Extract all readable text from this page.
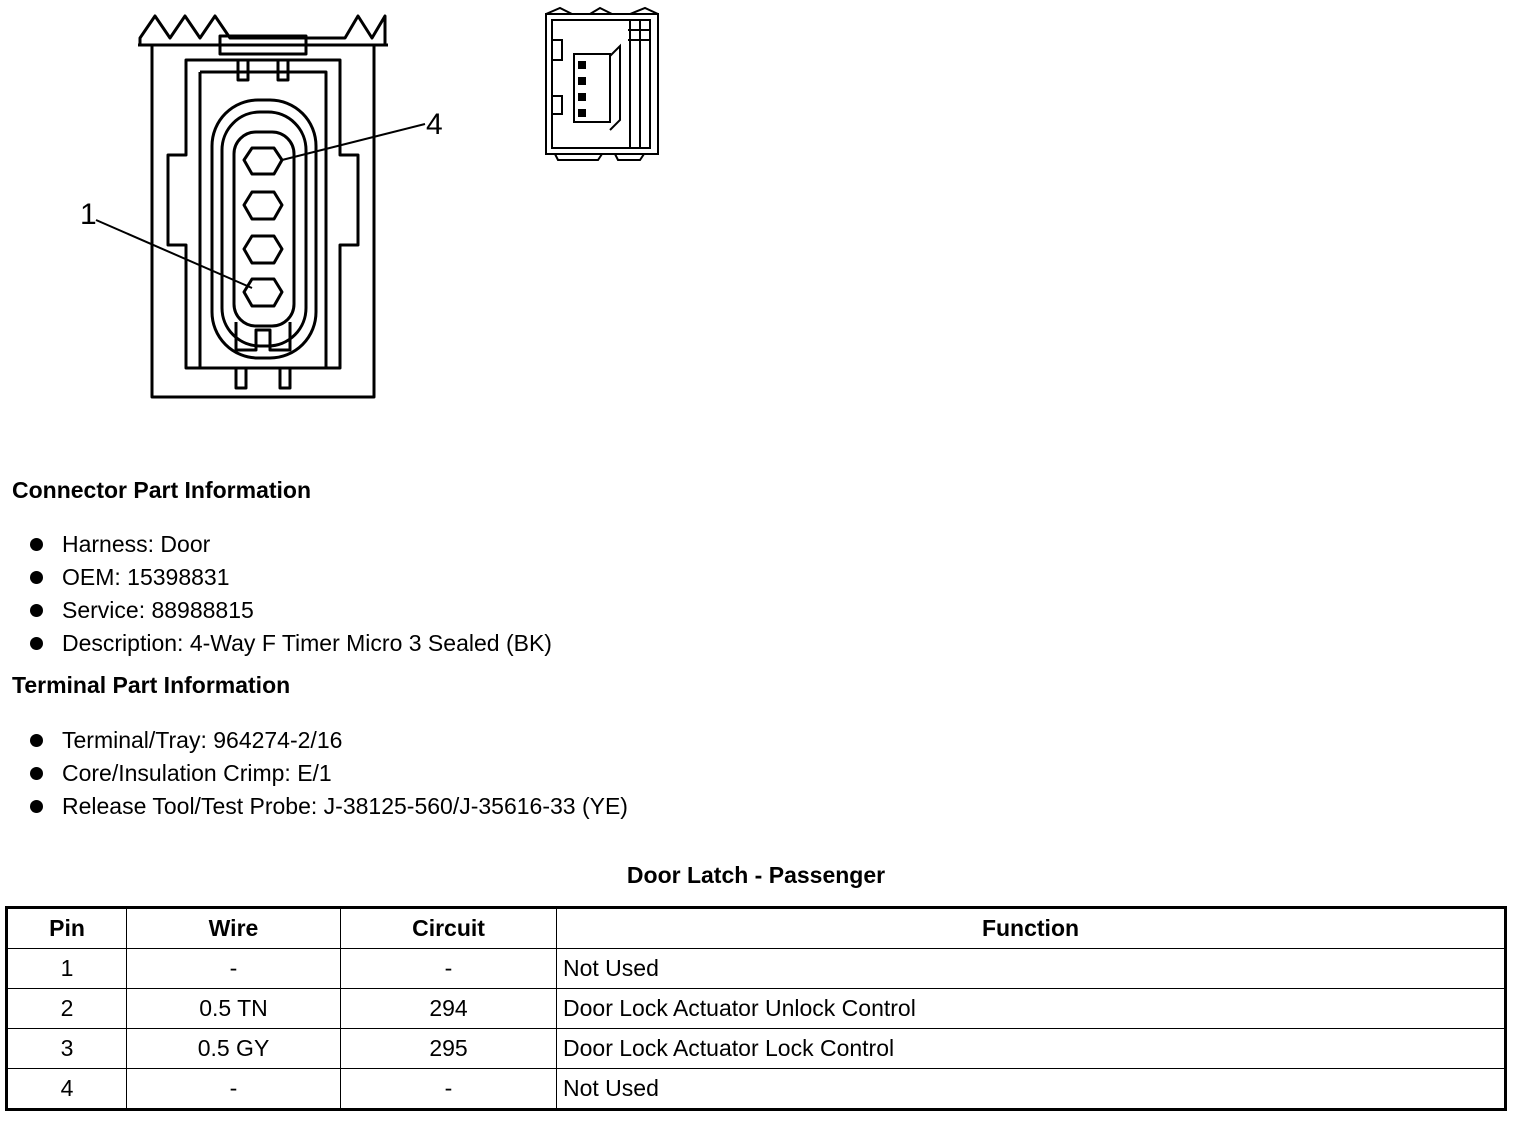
1
4
Connector Part Information
Harness: Door
OEM: 15398831
Service: 88988815
Description: 4-Way F Timer Micro 3 Sealed (BK)
Terminal Part Information
Terminal/Tray: 964274-2/16
Core/Insulation Crimp: E/1
Release Tool/Test Probe: J-38125-560/J-35616-33 (YE)
Door Latch - Passenger
Pin	Wire	Circuit	Function
1	-	-	Not Used
2	0.5 TN	294	Door Lock Actuator Unlock Control
3	0.5 GY	295	Door Lock Actuator Lock Control
4	-	-	Not Used
